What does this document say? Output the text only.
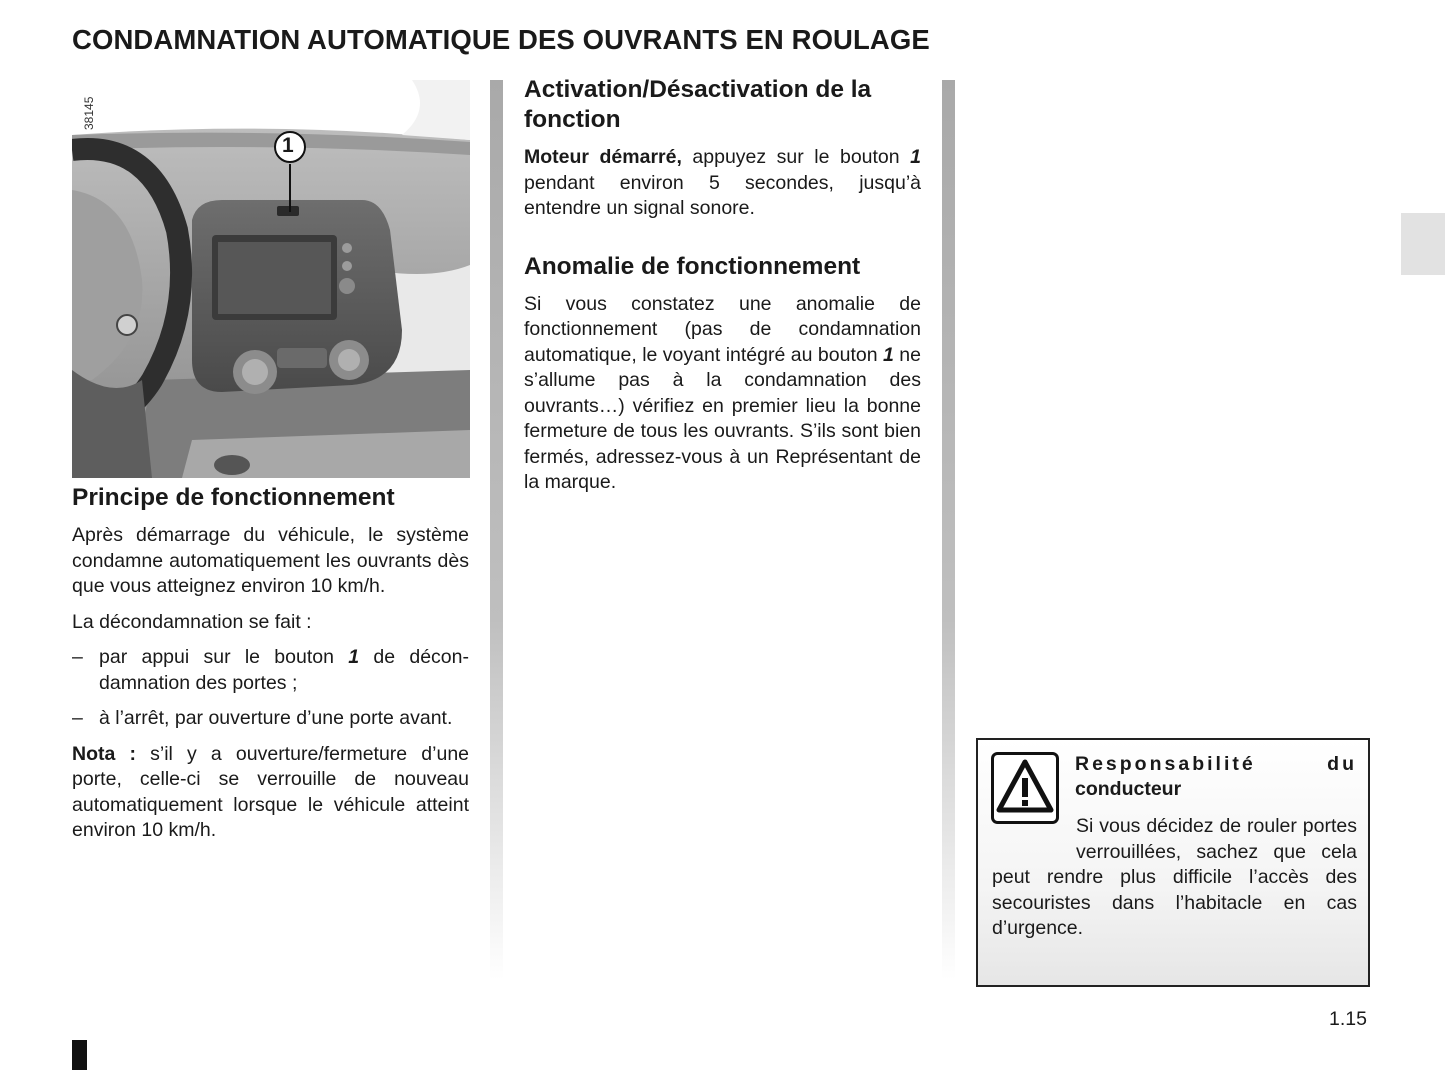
CONDAMNATION AUTOMATIQUE DES OUVRANTS EN ROULAGE
1
38145
Principe de fonctionnement

Après démarrage du véhicule, le système condamne automatiquement les ouvrants dès que vous atteignez environ 10 km/h.

La décondamnation se fait :

– par appui sur le bouton 1 de décondamnation des portes ;

– à l’arrêt, par ouverture d’une porte avant.

Nota : s’il y a ouverture/fermeture d’une porte, celle-ci se verrouille de nouveau automatiquement lorsque le véhicule atteint environ 10 km/h.

Activation/Désactivation de la fonction

Moteur démarré, appuyez sur le bouton 1 pendant environ 5 secondes, jusqu’à entendre un signal sonore.

Anomalie de fonctionnement

Si vous constatez une anomalie de fonctionnement (pas de condamnation automatique, le voyant intégré au bouton 1 ne s’allume pas à la condamnation des ouvrants…) vérifiez en premier lieu la bonne fermeture de tous les ouvrants. S’ils sont bien fermés, adressez-vous à un Représentant de la marque.

Responsabilité	du
conducteur
Si vous décidez de rouler portes verrouillées, sachez que cela peut rendre plus difficile l’accès des secouristes dans l’habitacle en cas d’urgence.
1.15
